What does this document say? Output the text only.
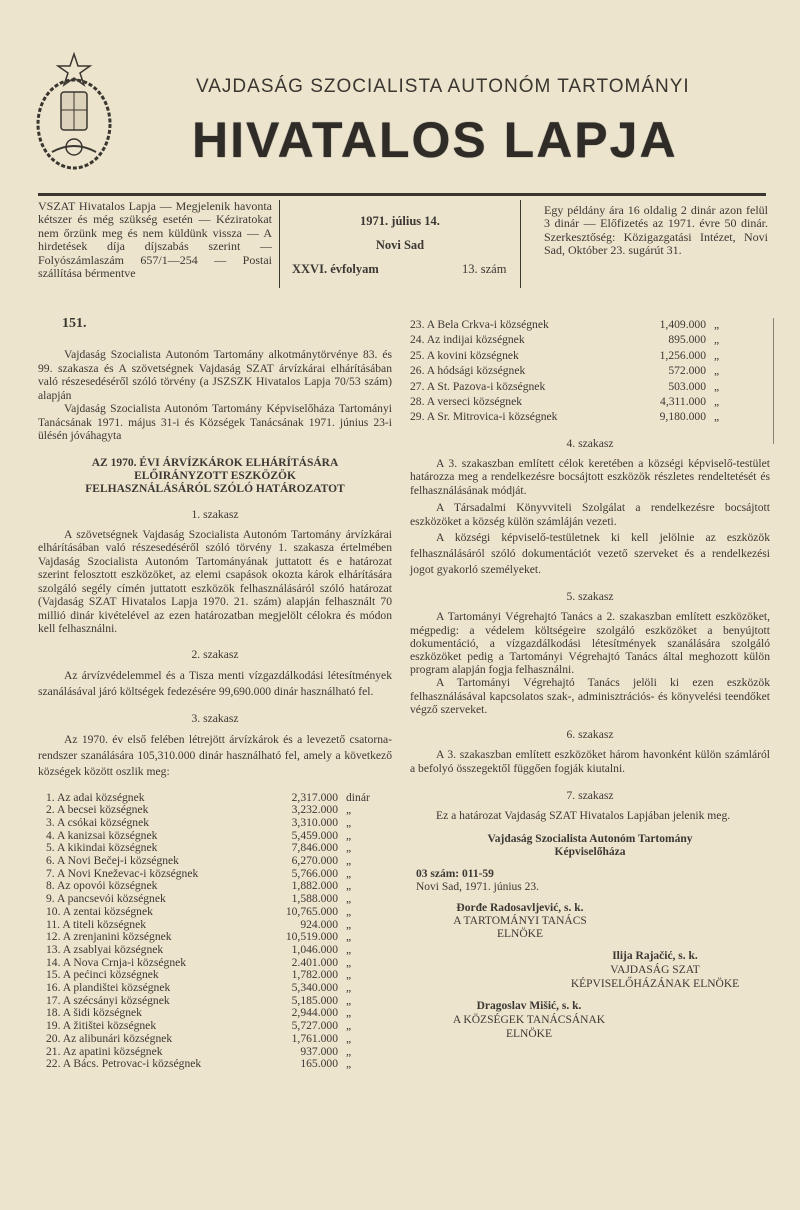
VAJDASÁG SZOCIALISTA AUTONÓM TARTOMÁNYI
HIVATALOS LAPJA
VSZAT Hivatalos Lapja — Megjelenik havonta kétszer és még szükség esetén — Kéziratokat nem őrzünk meg és nem küldünk vissza — A hirdetések díja díjszabás szerint — Folyószámlaszám 657/1—254 — Postai szállítása bérmentve
1971. július 14.
Novi Sad
XXVI. évfolyam	13. szám
Egy példány ára 16 oldalig 2 dinár azon felül 3 dinár — Előfizetés az 1971. évre 50 dinár. Szerkesztőség: Közigazgatási Intézet, Novi Sad, Október 23. sugárút 31.
151.

Vajdaság Szocialista Autonóm Tartomány alkotmánytörvénye 83. és 99. szakasza és A szövetségnek Vajdaság SZAT árvízkárai elhárításában való részesedéséről szóló törvény (a JSZSZK Hivatalos Lapja 70/53 szám) alapján

Vajdaság Szocialista Autonóm Tartomány Képviselőháza Tartományi Tanácsának 1971. május 31-i és Községek Tanácsának 1971. június 23-i ülésén jóváhagyta

AZ 1970. ÉVI ÁRVÍZKÁROK ELHÁRÍTÁSÁRA
ELŐIRÁNYZOTT ESZKÖZÖK
FELHASZNÁLÁSÁRÓL SZÓLÓ HATÁROZATOT
1. szakasz

A szövetségnek Vajdaság Szocialista Autonóm Tartomány árvízkárai elhárításában való részesedéséről szóló törvény 1. szakasza értelmében Vajdaság Szocialista Autonóm Tartományának juttatott és e határozat szerint felosztott eszközöket, az elemi csapások okozta károk elhárítására szolgáló segély címén juttatott eszközök felhasználásáról szóló határozat (Vajdaság SZAT Hivatalos Lapja 1970. 21. szám) alapján felhasznált 70 millió dinár kivételével az ezen határozatban megjelölt célokra és módon kell felhasználni.

2. szakasz

Az árvízvédelemmel és a Tisza menti vízgazdálkodási létesítmények szanálásával járó költségek fedezésére 99,690.000 dinár használható fel.

3. szakasz

Az 1970. év első felében létrejött árvízkárok és a levezető csatorna-rendszer szanálására 105,310.000 dinár használható fel, amely a következő községek között oszlik meg:

1. Az adai községnek	2,317.000 dinár
2. A becsei községnek	3,232.000 „
3. A csókai községnek	3,310.000 „
4. A kanizsai községnek	5,459.000 „
5. A kikindai községnek	7,846.000 „
6. A Novi Bečej-i községnek	6,270.000 „
7. A Novi Kneževac-i községnek	5,766.000 „
8. Az opovói községnek	1,882.000 „
9. A pancsevói községnek	1,588.000 „
10. A zentai községnek	10,765.000 „
11. A titeli községnek	924.000 „
12. A zrenjanini községnek	10,519.000 „
13. A zsablyai községnek	1,046.000 „
14. A Nova Crnja-i községnek	2.401.000 „
15. A pećinci községnek	1,782.000 „
16. A plandištei községnek	5,340.000 „
17. A szécsányi községnek	5,185.000 „
18. A šidi községnek	2,944.000 „
19. A žitištei községnek	5,727.000 „
20. Az alibunári községnek	1,761.000 „
21. Az apatini községnek	937.000 „
22. A Bács. Petrovac-i községnek	165.000 „
23. A Bela Crkva-i községnek	1,409.000 „
24. Az indijai községnek	895.000 „
25. A kovini községnek	1,256.000 „
26. A hódsági községnek	572.000 „
27. A St. Pazova-i községnek	503.000 „
28. A verseci községnek	4,311.000 „
29. A Sr. Mitrovica-i községnek	9,180.000 „
4. szakasz

A 3. szakaszban említett célok keretében a községi képviselő-testület határozza meg a rendelkezésre bocsájtott eszközök részletes rendeltetését és felhasználásának módját.

A Társadalmi Könyvviteli Szolgálat a rendelkezésre bocsájtott eszközöket a község külön számláján vezeti.

A községi képviselő-testületnek ki kell jelölnie az eszközök felhasználásáról szóló dokumentációt vezető szerveket és a rendelkezési jogot gyakorló személyeket.

5. szakasz

A Tartományi Végrehajtó Tanács a 2. szakaszban említett eszközöket, mégpedig: a védelem költségeire szolgáló eszközöket a benyújtott dokumentáció, a vízgazdálkodási létesítmények szanálására szolgáló eszközöket pedig a Tartományi Végrehajtó Tanács által meghozott külön program alapján fogja felhasználni.

A Tartományi Végrehajtó Tanács jelöli ki ezen eszközök felhasználásával kapcsolatos szak-, adminisztrációs- és könyvelési teendőket végző szerveket.

6. szakasz

A 3. szakaszban említett eszközöket három havonként külön számláról a befolyó összegektől függően fogják kiutalni.

7. szakasz

Ez a határozat Vajdaság SZAT Hivatalos Lapjában jelenik meg.

Vajdaság Szocialista Autonóm Tartomány
Képviselőháza
03 szám: 011-59
Novi Sad, 1971. június 23.
Đorđe Radosavljević, s. k.
A TARTOMÁNYI TANÁCS
ELNÖKE
Ilija Rajačić, s. k.
VAJDASÁG SZAT
KÉPVISELŐHÁZÁNAK ELNÖKE
Dragoslav Mišić, s. k.
A KÖZSÉGEK TANÁCSÁNAK
ELNÖKE
